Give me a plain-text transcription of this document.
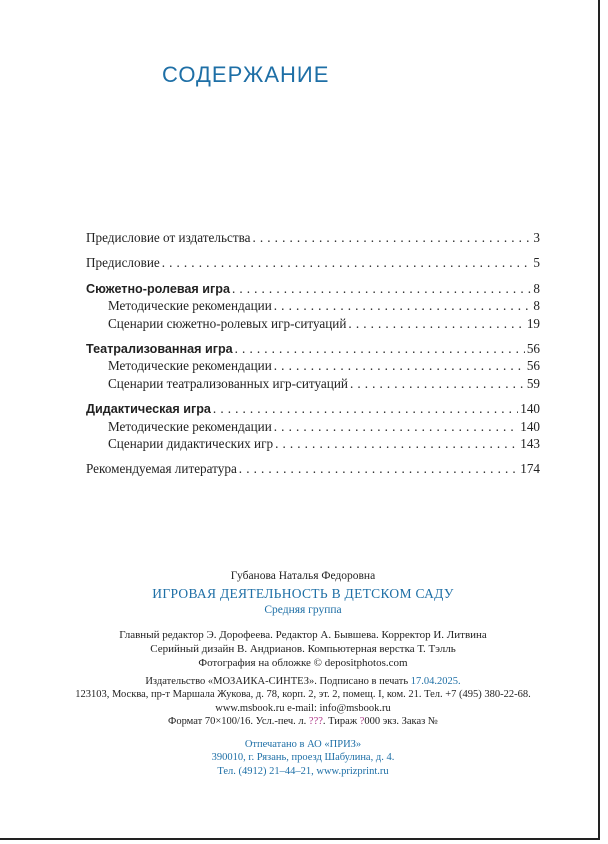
СОДЕРЖАНИЕ
Предисловие от издательства . . .	3
Предисловие . . .	5
Сюжетно-ролевая игра . . .	8
Методические рекомендации . . .	8
Сценарии сюжетно-ролевых игр-ситуаций . . .	19
Театрализованная игра . . .	56
Методические рекомендации . . .	56
Сценарии театрализованных игр-ситуаций . . .	59
Дидактическая игра . . .	140
Методические рекомендации . . .	140
Сценарии дидактических игр . . .	143
Рекомендуемая литература . . .	174
Губанова Наталья Федоровна
ИГРОВАЯ ДЕЯТЕЛЬНОСТЬ В ДЕТСКОМ САДУ
Средняя группа
Главный редактор Э. Дорофеева. Редактор А. Бывшева. Корректор И. Литвина
Серийный дизайн В. Андрианов. Компьютерная верстка Т. Тэлль
Фотография на обложке © depositphotos.com
Издательство «МОЗАИКА-СИНТЕЗ». Подписано в печать 17.04.2025.
123103, Москва, пр-т Маршала Жукова, д. 78, корп. 2, эт. 2, помещ. I, ком. 21. Тел. +7 (495) 380-22-68.
www.msbook.ru e-mail: info@msbook.ru
Формат 70×100/16. Усл.-печ. л. ???. Тираж ?000 экз. Заказ №
Отпечатано в АО «ПРИЗ»
390010, г. Рязань, проезд Шабулина, д. 4.
Тел. (4912) 21–44–21, www.prizprint.ru
